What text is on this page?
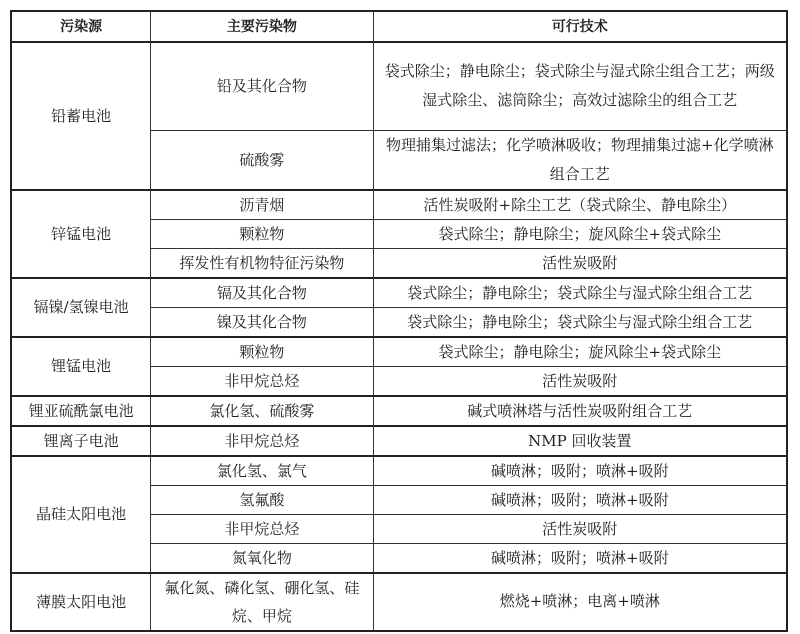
污染源	主要污染物	可行技术
铅蓄电池	铅及其化合物	袋式除尘；静电除尘；袋式除尘与湿式除尘组合工艺；两级湿式除尘、滤筒除尘；高效过滤除尘的组合工艺
	硫酸雾	物理捕集过滤法；化学喷淋吸收；物理捕集过滤+化学喷淋组合工艺
锌锰电池	沥青烟	活性炭吸附+除尘工艺（袋式除尘、静电除尘）
	颗粒物	袋式除尘；静电除尘；旋风除尘+袋式除尘
	挥发性有机物特征污染物	活性炭吸附
镉镍/氢镍电池	镉及其化合物	袋式除尘；静电除尘；袋式除尘与湿式除尘组合工艺
	镍及其化合物	袋式除尘；静电除尘；袋式除尘与湿式除尘组合工艺
锂锰电池	颗粒物	袋式除尘；静电除尘；旋风除尘+袋式除尘
	非甲烷总烃	活性炭吸附
锂亚硫酰氯电池	氯化氢、硫酸雾	碱式喷淋塔与活性炭吸附组合工艺
锂离子电池	非甲烷总烃	NMP 回收装置
晶硅太阳电池	氯化氢、氯气	碱喷淋；吸附；喷淋+吸附
	氢氟酸	碱喷淋；吸附；喷淋+吸附
	非甲烷总烃	活性炭吸附
	氮氧化物	碱喷淋；吸附；喷淋+吸附
薄膜太阳电池	氟化氮、磷化氢、硼化氢、硅烷、甲烷	燃烧+喷淋；电离+喷淋
